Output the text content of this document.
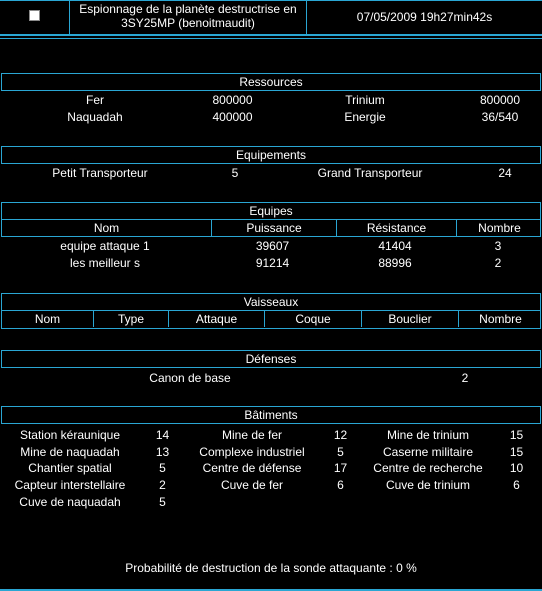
Espionnage de la planète destructrise en
3SY25MP (benoitmaudit)	07/05/2009 19h27min42s
Ressources
Fer	800000	Trinium	800000
Naquadah	400000	Energie	36/540
Equipements
Petit Transporteur	5	Grand Transporteur	24
Equipes
Nom	Puissance	Résistance	Nombre
equipe attaque 1	39607	41404	3
les meilleur s	91214	88996	2
Vaisseaux
Nom	Type	Attaque	Coque	Bouclier	Nombre
Défenses
Canon de base	2
Bâtiments
Station kéraunique	14	Mine de fer	12	Mine de trinium	15
Mine de naquadah	13	Complexe industriel	5	Caserne militaire	15
Chantier spatial	5	Centre de défense	17	Centre de recherche	10
Capteur interstellaire	2	Cuve de fer	6	Cuve de trinium	6
Cuve de naquadah	5
Probabilité de destruction de la sonde attaquante : 0 %
